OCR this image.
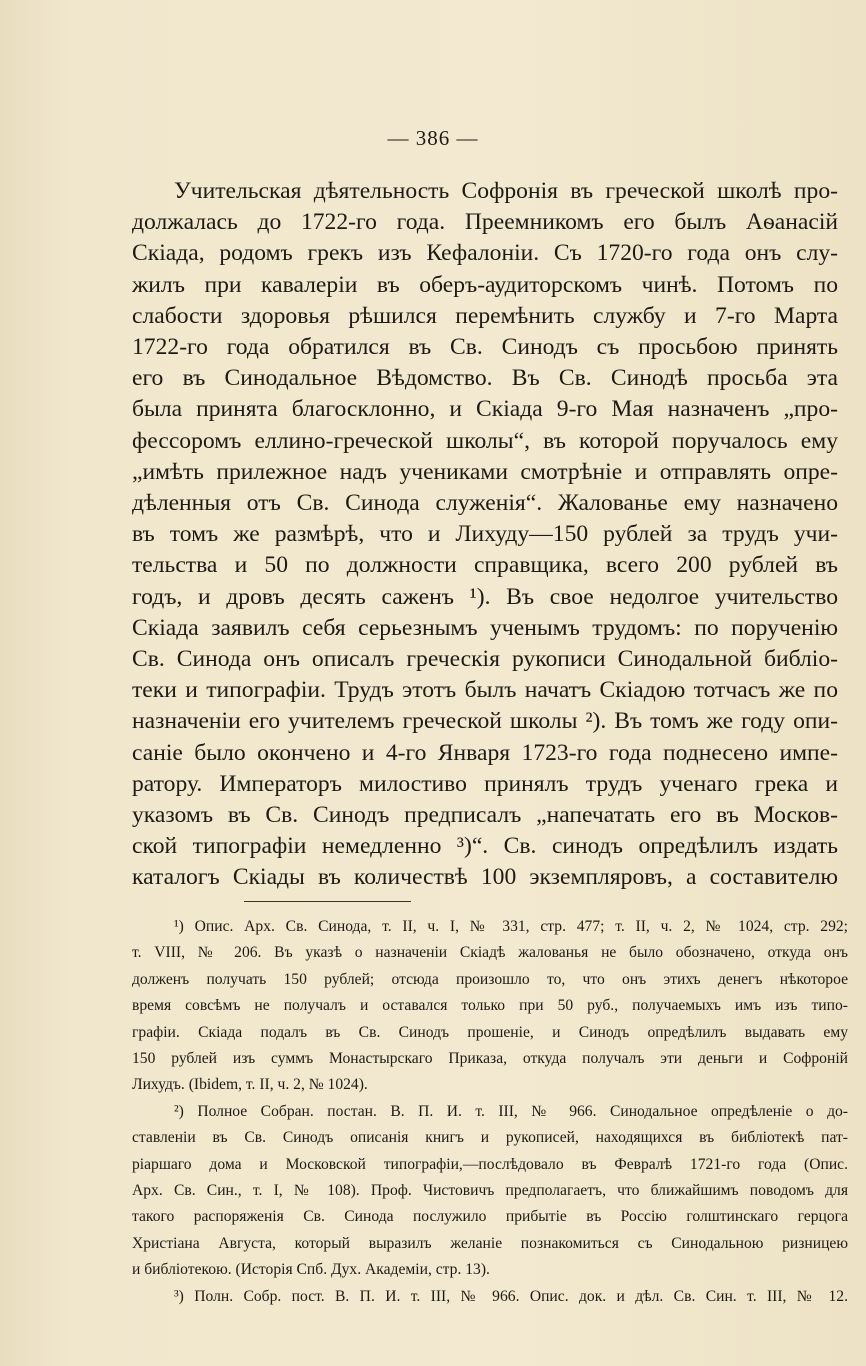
— 386 —
Учительская дѣятельность Софронія въ греческой школѣ про-
должалась до 1722-го года. Преемникомъ его былъ Аѳанасій
Скіада, родомъ грекъ изъ Кефалоніи. Съ 1720-го года онъ слу-
жилъ при кавалеріи въ оберъ-аудиторскомъ чинѣ. Потомъ по
слабости здоровья рѣшился перемѣнить службу и 7-го Марта
1722-го года обратился въ Св. Синодъ съ просьбою принять
его въ Синодальное Вѣдомство. Въ Св. Синодѣ просьба эта
была принята благосклонно, и Скіада 9-го Мая назначенъ „про-
фессоромъ еллино-греческой школы“, въ которой поручалось ему
„имѣть прилежное надъ учениками смотрѣніе и отправлять опре-
дѣленныя отъ Св. Синода служенія“. Жалованье ему назначено
въ томъ же размѣрѣ, что и Лихуду—150 рублей за трудъ учи-
тельства и 50 по должности справщика, всего 200 рублей въ
годъ, и дровъ десять саженъ ¹). Въ свое недолгое учительство
Скіада заявилъ себя серьезнымъ ученымъ трудомъ: по порученію
Св. Синода онъ описалъ греческія рукописи Синодальной библіо-
теки и типографіи. Трудъ этотъ былъ начатъ Скіадою тотчасъ же по
назначеніи его учителемъ греческой школы ²). Въ томъ же году опи-
саніе было окончено и 4-го Января 1723-го года поднесено импе-
ратору. Императоръ милостиво принялъ трудъ ученаго грека и
указомъ въ Св. Синодъ предписалъ „напечатать его въ Москов-
ской типографіи немедленно ³)“. Св. синодъ опредѣлилъ издать
каталогъ Скіады въ количествѣ 100 экземпляровъ, а составителю
¹) Опис. Арх. Св. Синода, т. II, ч. I, № 331, стр. 477; т. II, ч. 2, № 1024, стр. 292;
т. VIII, № 206. Въ указѣ о назначеніи Скіадѣ жалованья не было обозначено, откуда онъ
долженъ получать 150 рублей; отсюда произошло то, что онъ этихъ денегъ нѣкоторое
время совсѣмъ не получалъ и оставался только при 50 руб., получаемыхъ имъ изъ типо-
графіи. Скіада подалъ въ Св. Синодъ прошеніе, и Синодъ опредѣлилъ выдавать ему
150 рублей изъ суммъ Монастырскаго Приказа, откуда получалъ эти деньги и Софроній
Лихудъ. (Ibidem, т. II, ч. 2, № 1024).
²) Полное Собран. постан. В. П. И. т. III, № 966. Синодальное опредѣленіе о до-
ставленіи въ Св. Синодъ описанія книгъ и рукописей, находящихся въ библіотекѣ пат-
ріаршаго дома и Московской типографіи,—послѣдовало въ Февралѣ 1721-го года (Опис.
Арх. Св. Син., т. I, № 108). Проф. Чистовичъ предполагаетъ, что ближайшимъ поводомъ для
такого распоряженія Св. Синода послужило прибытіе въ Россію голштинскаго герцога
Христіана Августа, который выразилъ желаніе познакомиться съ Синодальною ризницею
и библіотекою. (Исторія Спб. Дух. Академіи, стр. 13).
³) Полн. Собр. пост. В. П. И. т. III, № 966. Опис. док. и дѣл. Св. Син. т. III, № 12.
